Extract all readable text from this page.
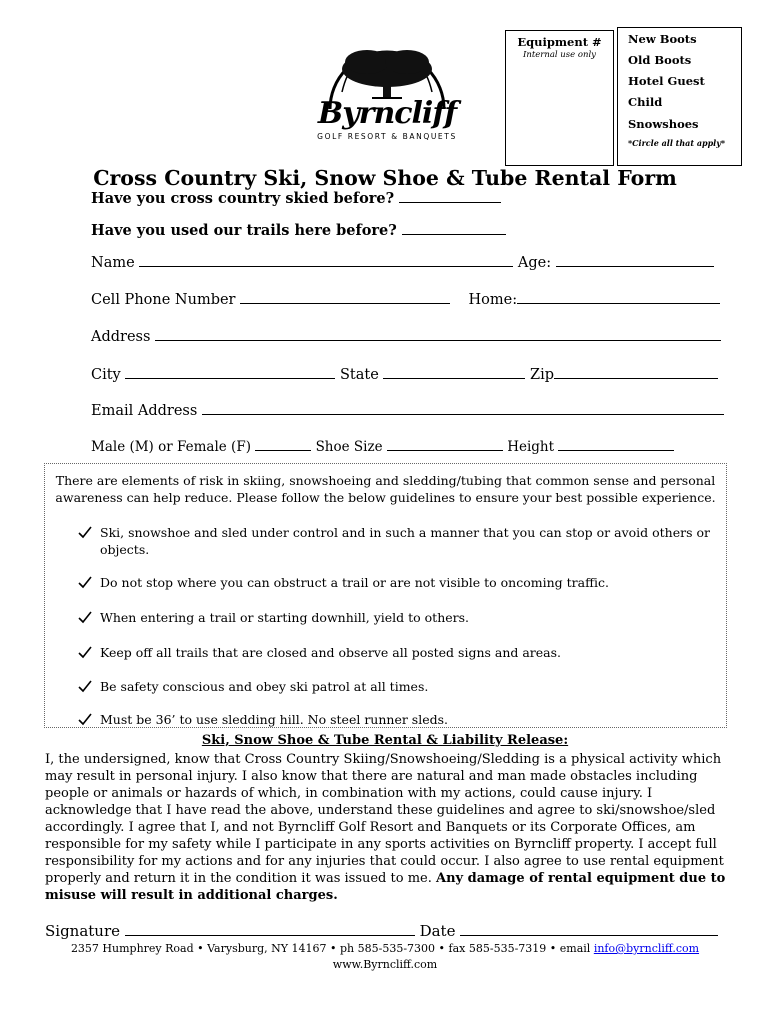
Byrncliff
GOLF RESORT & BANQUETS
Equipment #
Internal use only
New Boots
Old Boots
Hotel Guest
Child
Snowshoes
*Circle all that apply*
Cross Country Ski, Snow Shoe & Tube Rental Form
Have you cross country skied before?
Have you used our trails here before?
Name	Age:
Cell Phone Number	Home:
Address
City	State	Zip
Email Address
Male (M) or Female (F)	Shoe Size	Height
There are elements of risk in skiing, snowshoeing and sledding/tubing that common sense and personal awareness can help reduce. Please follow the below guidelines to ensure your best possible experience.
Ski, snowshoe and sled under control and in such a manner that you can stop or avoid others or objects.
Do not stop where you can obstruct a trail or are not visible to oncoming traffic.
When entering a trail or starting downhill, yield to others.
Keep off all trails that are closed and observe all posted signs and areas.
Be safety conscious and obey ski patrol at all times.
Must be 36’ to use sledding hill. No steel runner sleds.
Ski, Snow Shoe & Tube Rental & Liability Release:
I, the undersigned, know that Cross Country Skiing/Snowshoeing/Sledding is a physical activity which may result in personal injury. I also know that there are natural and man made obstacles including people or animals or hazards of which, in combination with my actions, could cause injury. I acknowledge that I have read the above, understand these guidelines and agree to ski/snowshoe/sled accordingly. I agree that I, and not Byrncliff Golf Resort and Banquets or its Corporate Offices, am responsible for my safety while I participate in any sports activities on Byrncliff property. I accept full responsibility for my actions and for any injuries that could occur. I also agree to use rental equipment properly and return it in the condition it was issued to me. Any damage of rental equipment due to misuse will result in additional charges.
Signature	Date
2357 Humphrey Road • Varysburg, NY 14167 • ph 585-535-7300 • fax 585-535-7319 • email info@byrncliff.com
www.Byrncliff.com
